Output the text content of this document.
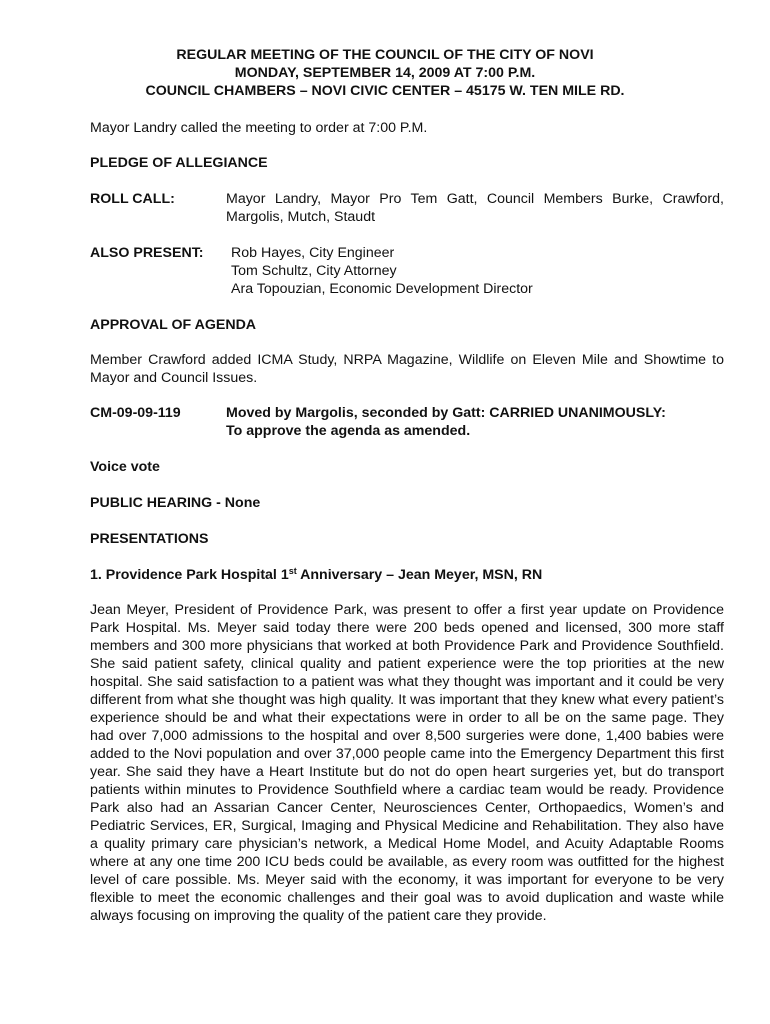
REGULAR MEETING OF THE COUNCIL OF THE CITY OF NOVI
MONDAY, SEPTEMBER 14, 2009 AT 7:00 P.M.
COUNCIL CHAMBERS – NOVI CIVIC CENTER – 45175 W. TEN MILE RD.
Mayor Landry called the meeting to order at 7:00 P.M.
PLEDGE OF ALLEGIANCE
ROLL CALL:	Mayor Landry, Mayor Pro Tem Gatt, Council Members Burke, Crawford, Margolis, Mutch, Staudt
ALSO PRESENT: Rob Hayes, City Engineer
Tom Schultz, City Attorney
Ara Topouzian, Economic Development Director
APPROVAL OF AGENDA
Member Crawford added ICMA Study, NRPA Magazine, Wildlife on Eleven Mile and Showtime to Mayor and Council Issues.
CM-09-09-119	Moved by Margolis, seconded by Gatt: CARRIED UNANIMOUSLY:
To approve the agenda as amended.
Voice vote
PUBLIC HEARING - None
PRESENTATIONS
1. Providence Park Hospital 1st Anniversary – Jean Meyer, MSN, RN
Jean Meyer, President of Providence Park, was present to offer a first year update on Providence Park Hospital. Ms. Meyer said today there were 200 beds opened and licensed, 300 more staff members and 300 more physicians that worked at both Providence Park and Providence Southfield. She said patient safety, clinical quality and patient experience were the top priorities at the new hospital. She said satisfaction to a patient was what they thought was important and it could be very different from what she thought was high quality. It was important that they knew what every patient’s experience should be and what their expectations were in order to all be on the same page. They had over 7,000 admissions to the hospital and over 8,500 surgeries were done, 1,400 babies were added to the Novi population and over 37,000 people came into the Emergency Department this first year. She said they have a Heart Institute but do not do open heart surgeries yet, but do transport patients within minutes to Providence Southfield where a cardiac team would be ready. Providence Park also had an Assarian Cancer Center, Neurosciences Center, Orthopaedics, Women’s and Pediatric Services, ER, Surgical, Imaging and Physical Medicine and Rehabilitation. They also have a quality primary care physician’s network, a Medical Home Model, and Acuity Adaptable Rooms where at any one time 200 ICU beds could be available, as every room was outfitted for the highest level of care possible. Ms. Meyer said with the economy, it was important for everyone to be very flexible to meet the economic challenges and their goal was to avoid duplication and waste while always focusing on improving the quality of the patient care they provide.
